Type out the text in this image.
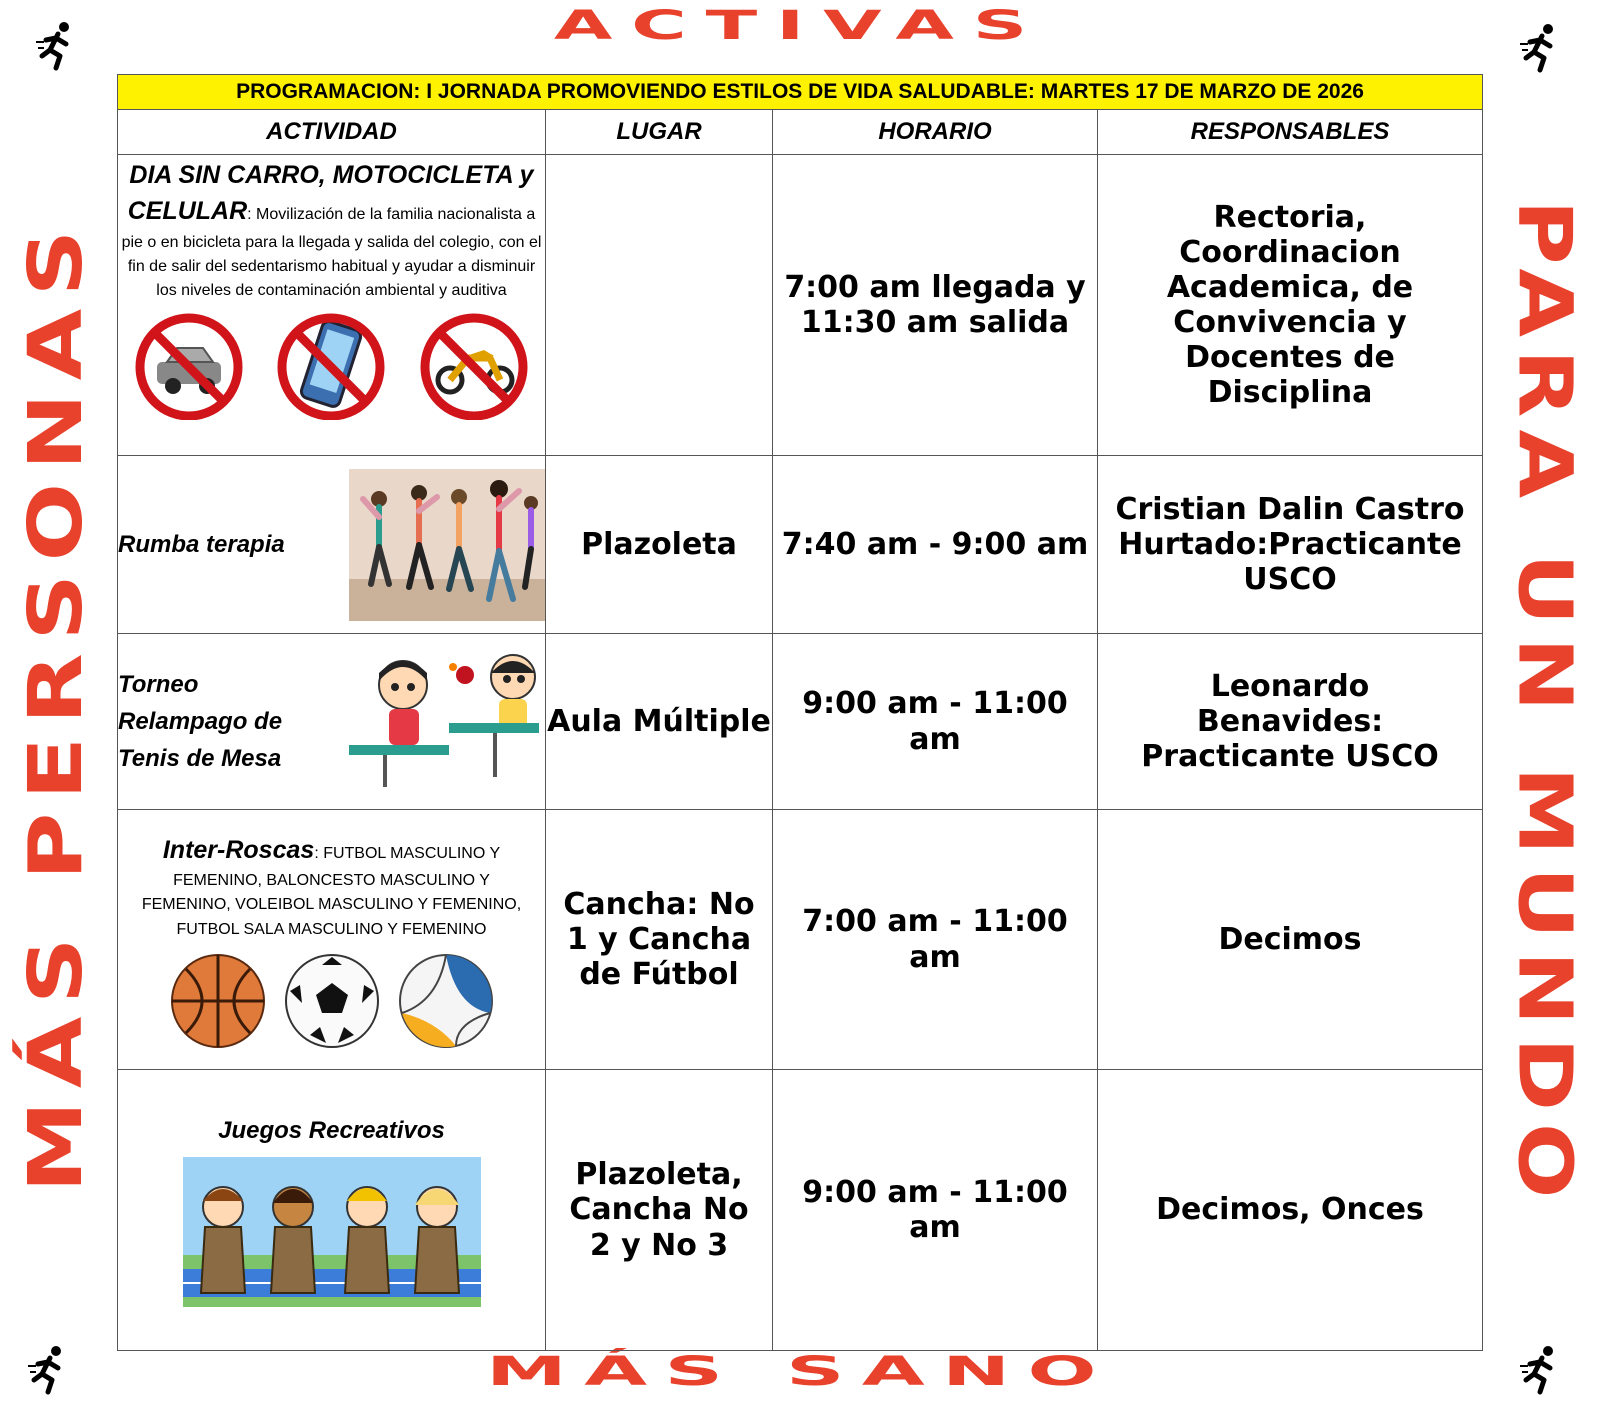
ACTIVAS
MÁS SANO
MÁS PERSONAS	PARA UN MUNDO
PROGRAMACION: I JORNADA PROMOVIENDO ESTILOS DE VIDA SALUDABLE: MARTES 17 DE MARZO DE 2026			
ACTIVIDAD	LUGAR	HORARIO	RESPONSABLES

DIA SIN CARRO, MOTOCICLETA y CELULAR: Movilización de la familia nacionalista a pie o en bicicleta para la llegada y salida del colegio, con el fin de salir del sedentarismo habitual y ayudar a disminuir los niveles de contaminación ambiental y auditiva		7:00 am llegada y 11:30 am salida	Rectoria, Coordinacion Academica, de Convivencia y Docentes de Disciplina

Rumba terapia	Plazoleta	7:40 am - 9:00 am	Cristian Dalin Castro Hurtado:Practicante USCO

Torneo Relampago de Tenis de Mesa	Aula Múltiple	9:00 am - 11:00 am	Leonardo Benavides: Practicante USCO

Inter-Roscas: FUTBOL MASCULINO Y FEMENINO, BALONCESTO MASCULINO Y FEMENINO, VOLEIBOL MASCULINO Y FEMENINO, FUTBOL SALA MASCULINO Y FEMENINO	Cancha: No 1 y Cancha de Fútbol	7:00 am - 11:00 am	Decimos

Juegos Recreativos	Plazoleta, Cancha No 2 y No 3	9:00 am - 11:00 am	Decimos, Onces
